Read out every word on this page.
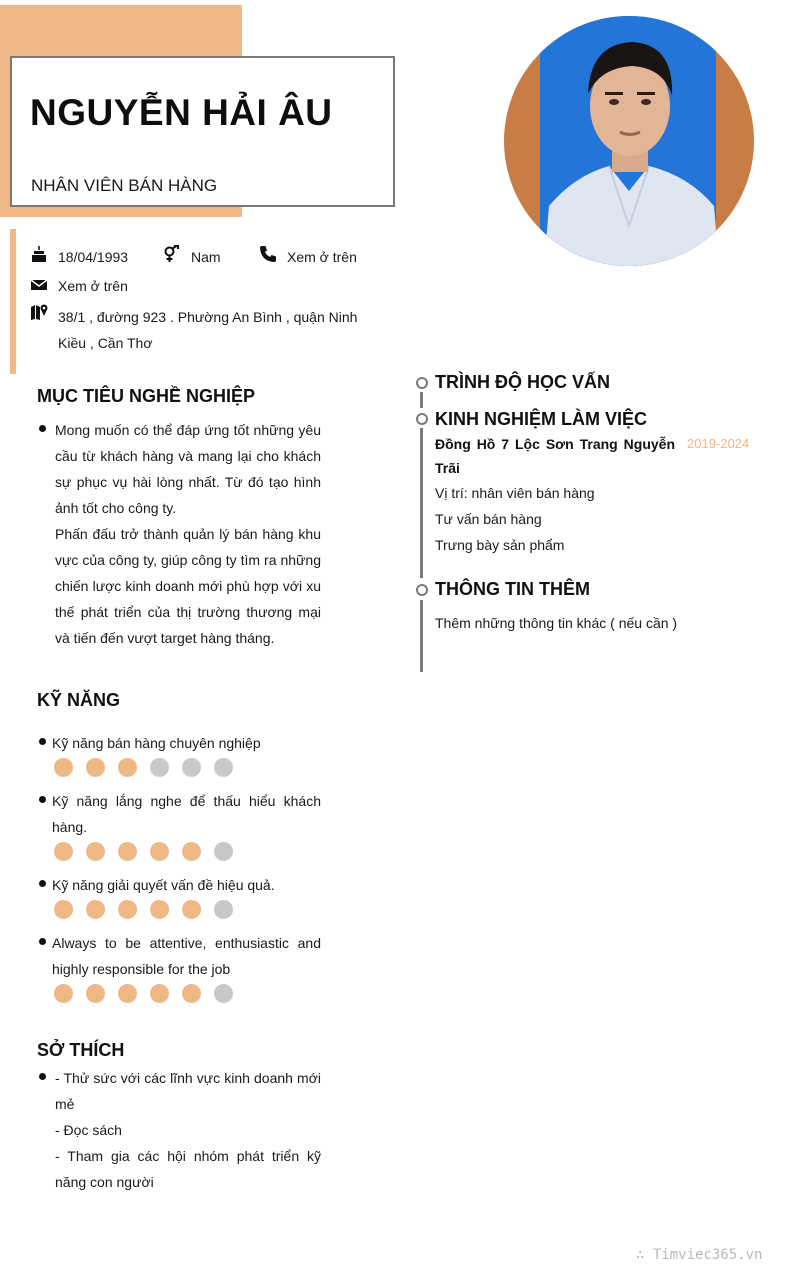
NGUYỄN HẢI ÂU
NHÂN VIÊN BÁN HÀNG
18/04/1993	Nam	Xem ở trên
Xem ở trên
38/1 , đường 923 . Phường An Bình , quận Ninh Kiều , Cần Thơ
MỤC TIÊU NGHỀ NGHIỆP
Mong muốn có thể đáp ứng tốt những yêu cầu từ khách hàng và mang lại cho khách sự phục vụ hài lòng nhất. Từ đó tạo hình ảnh tốt cho công ty.
Phấn đấu trở thành quản lý bán hàng khu vực của công ty, giúp công ty tìm ra những chiến lược kinh doanh mới phù hợp với xu thế phát triển của thị trường thương mại và tiến đến vượt target hàng tháng.
KỸ NĂNG
Kỹ năng bán hàng chuyên nghiệp
Kỹ năng lắng nghe để thấu hiểu khách hàng.
Kỹ năng giải quyết vấn đề hiệu quả.
Always to be attentive, enthusiastic and highly responsible for the job
SỞ THÍCH
- Thử sức với các lĩnh vực kinh doanh mới mẻ
- Đọc sách
- Tham gia các hội nhóm phát triển kỹ năng con người
TRÌNH ĐỘ HỌC VẤN
KINH NGHIỆM LÀM VIỆC
Đồng Hồ 7 Lộc Sơn Trang Nguyễn Trãi
2019-2024
Vị trí: nhân viên bán hàng
Tư vấn bán hàng
Trưng bày sản phẩm
THÔNG TIN THÊM
Thêm những thông tin khác ( nếu cần )
∴ Timviec365.vn
